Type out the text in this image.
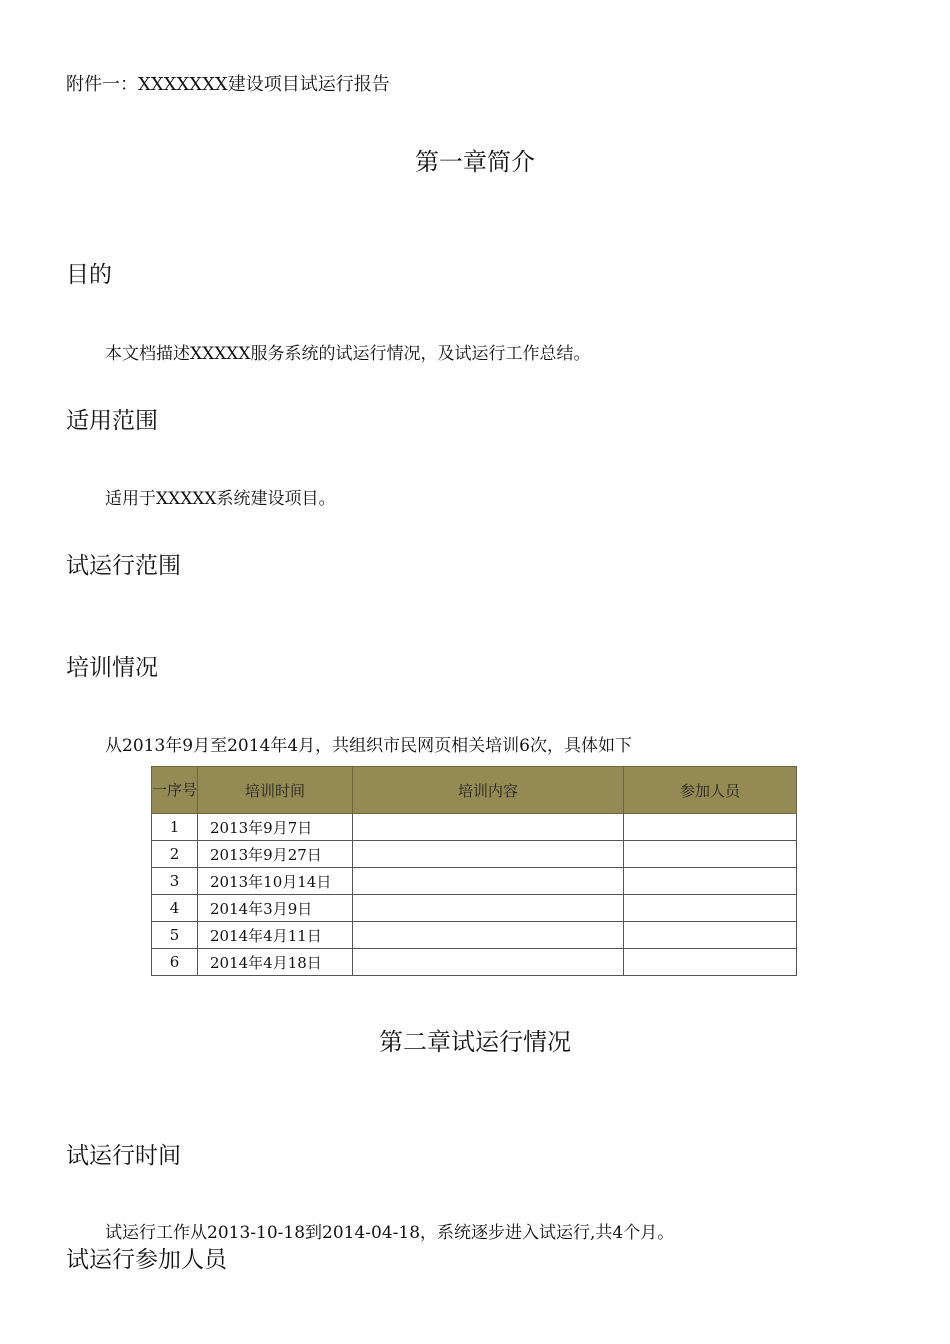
附件一：XXXXXXX建设项目试运行报告
第一章简介
目的
本文档描述XXXXX服务系统的试运行情况，及试运行工作总结。
适用范围
适用于XXXXX系统建设项目。
试运行范围
培训情况
从2013年9月至2014年4月，共组织市民网页相关培训6次，具体如下
一序号	培训时间	培训内容	参加人员
1	2013年9月7日		
2	2013年9月27日		
3	2013年10月14日		
4	2014年3月9日		
5	2014年4月11日		
6	2014年4月18日		
第二章试运行情况
试运行时间
试运行工作从2013-10-18到2014-04-18，系统逐步进入试运行,共4个月。
试运行参加人员
